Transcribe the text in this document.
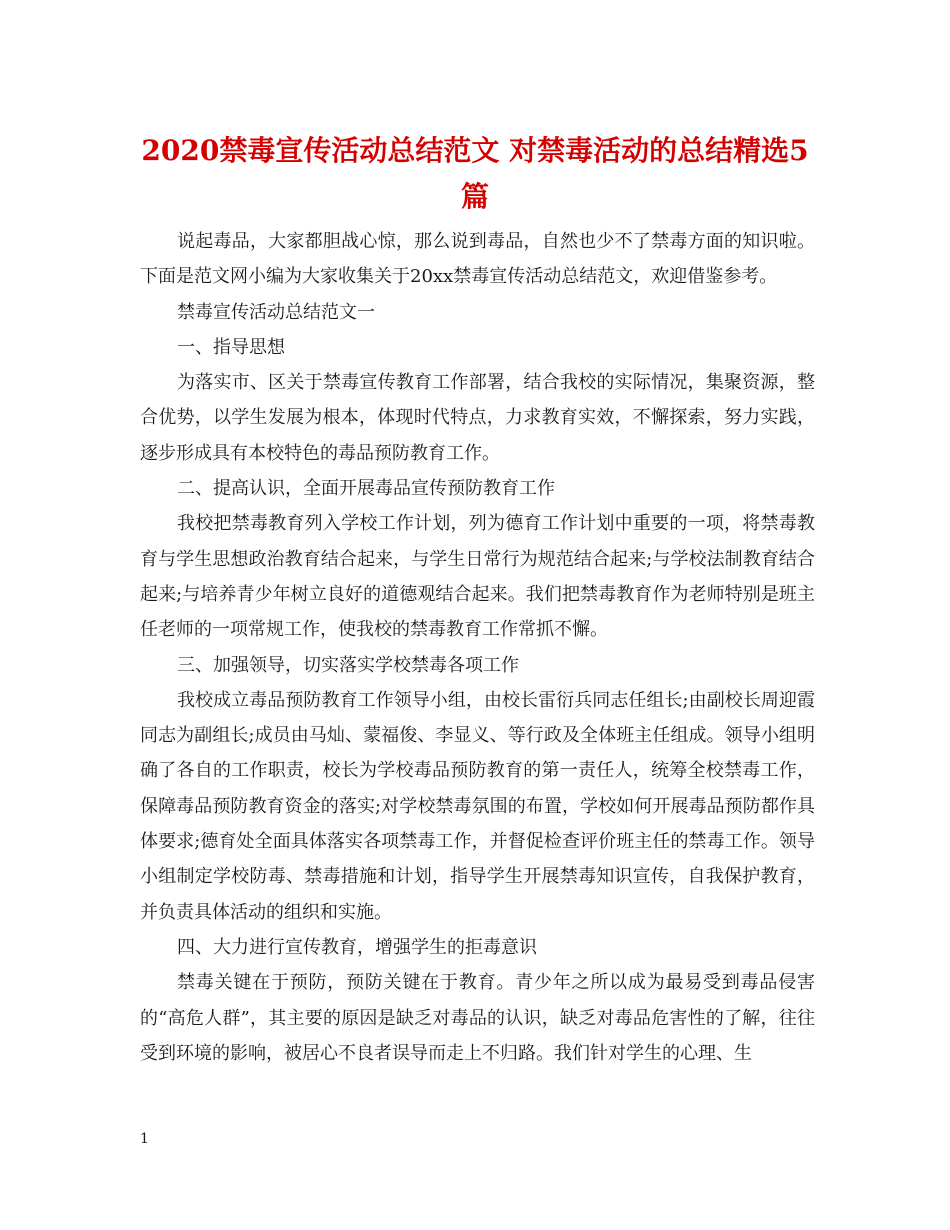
2020禁毒宣传活动总结范文 对禁毒活动的总结精选5篇

说起毒品，大家都胆战心惊，那么说到毒品，自然也少不了禁毒方面的知识啦。下面是范文网小编为大家收集关于20xx禁毒宣传活动总结范文，欢迎借鉴参考。

禁毒宣传活动总结范文一

一、指导思想

为落实市、区关于禁毒宣传教育工作部署，结合我校的实际情况，集聚资源，整合优势，以学生发展为根本，体现时代特点，力求教育实效，不懈探索，努力实践，逐步形成具有本校特色的毒品预防教育工作。

二、提高认识，全面开展毒品宣传预防教育工作

我校把禁毒教育列入学校工作计划，列为德育工作计划中重要的一项，将禁毒教育与学生思想政治教育结合起来，与学生日常行为规范结合起来;与学校法制教育结合起来;与培养青少年树立良好的道德观结合起来。我们把禁毒教育作为老师特别是班主任老师的一项常规工作，使我校的禁毒教育工作常抓不懈。

三、加强领导，切实落实学校禁毒各项工作

我校成立毒品预防教育工作领导小组，由校长雷衍兵同志任组长;由副校长周迎霞同志为副组长;成员由马灿、蒙福俊、李显义、等行政及全体班主任组成。领导小组明确了各自的工作职责，校长为学校毒品预防教育的第一责任人，统筹全校禁毒工作，保障毒品预防教育资金的落实;对学校禁毒氛围的布置，学校如何开展毒品预防都作具体要求;德育处全面具体落实各项禁毒工作，并督促检查评价班主任的禁毒工作。领导小组制定学校防毒、禁毒措施和计划，指导学生开展禁毒知识宣传，自我保护教育，并负责具体活动的组织和实施。

四、大力进行宣传教育，增强学生的拒毒意识

禁毒关键在于预防，预防关键在于教育。青少年之所以成为最易受到毒品侵害的“高危人群”，其主要的原因是缺乏对毒品的认识，缺乏对毒品危害性的了解，往往受到环境的影响，被居心不良者误导而走上不归路。我们针对学生的心理、生

1
